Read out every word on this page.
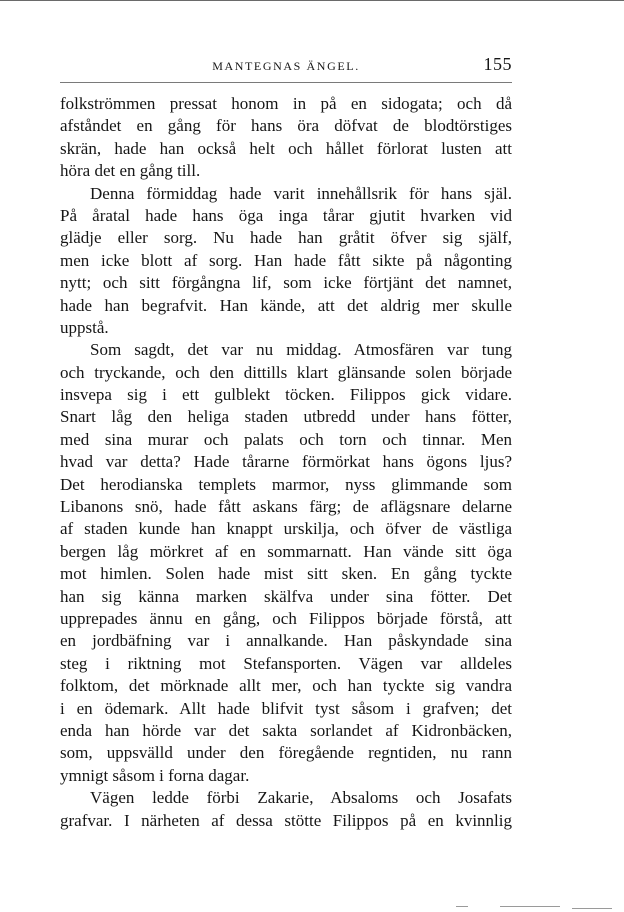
MANTEGNAS ÄNGEL.	155
folkströmmen pressat honom in på en sidogata; och då
afståndet en gång för hans öra döfvat de blodtörstiges
skrän, hade han också helt och hållet förlorat lusten att
höra det en gång till.
Denna förmiddag hade varit innehållsrik för hans själ.
På åratal hade hans öga inga tårar gjutit hvarken vid
glädje eller sorg. Nu hade han gråtit öfver sig själf,
men icke blott af sorg. Han hade fått sikte på någonting
nytt; och sitt förgångna lif, som icke förtjänt det namnet,
hade han begrafvit. Han kände, att det aldrig mer skulle
uppstå.
Som sagdt, det var nu middag. Atmosfären var tung
och tryckande, och den dittills klart glänsande solen började
insvepa sig i ett gulblekt töcken. Filippos gick vidare.
Snart låg den heliga staden utbredd under hans fötter,
med sina murar och palats och torn och tinnar. Men
hvad var detta? Hade tårarne förmörkat hans ögons ljus?
Det herodianska templets marmor, nyss glimmande som
Libanons snö, hade fått askans färg; de aflägsnare delarne
af staden kunde han knappt urskilja, och öfver de västliga
bergen låg mörkret af en sommarnatt. Han vände sitt öga
mot himlen. Solen hade mist sitt sken. En gång tyckte
han sig känna marken skälfva under sina fötter. Det
upprepades ännu en gång, och Filippos började förstå, att
en jordbäfning var i annalkande. Han påskyndade sina
steg i riktning mot Stefansporten. Vägen var alldeles
folktom, det mörknade allt mer, och han tyckte sig vandra
i en ödemark. Allt hade blifvit tyst såsom i grafven; det
enda han hörde var det sakta sorlandet af Kidronbäcken,
som, uppsvälld under den föregående regntiden, nu rann
ymnigt såsom i forna dagar.
Vägen ledde förbi Zakarie, Absaloms och Josafats
grafvar. I närheten af dessa stötte Filippos på en kvinnlig
